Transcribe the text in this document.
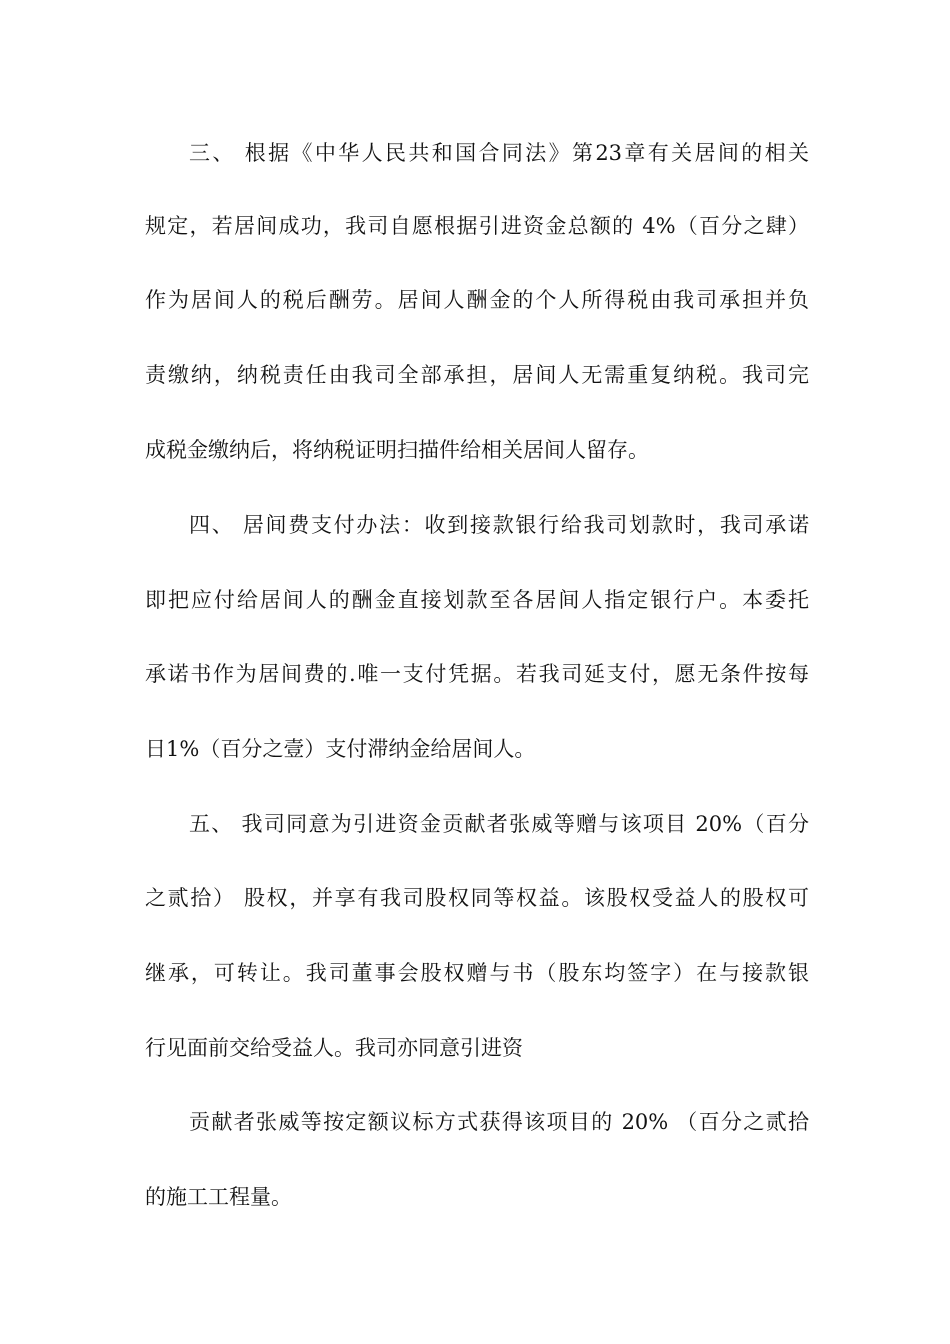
三、 根据《中华人民共和国合同法》第23章有关居间的相关
规定，若居间成功，我司自愿根据引进资金总额的 4%（百分之肆）
作为居间人的税后酬劳。居间人酬金的个人所得税由我司承担并负
责缴纳，纳税责任由我司全部承担，居间人无需重复纳税。我司完
成税金缴纳后，将纳税证明扫描件给相关居间人留存。
四、 居间费支付办法：收到接款银行给我司划款时，我司承诺
即把应付给居间人的酬金直接划款至各居间人指定银行户。本委托
承诺书作为居间费的.唯一支付凭据。若我司延支付，愿无条件按每
日1%（百分之壹）支付滞纳金给居间人。
五、 我司同意为引进资金贡献者张威等赠与该项目 20%（百分
之贰拾） 股权，并享有我司股权同等权益。该股权受益人的股权可
继承，可转让。我司董事会股权赠与书（股东均签字）在与接款银
行见面前交给受益人。我司亦同意引进资
贡献者张威等按定额议标方式获得该项目的 20% （百分之贰拾
的施工工程量。
